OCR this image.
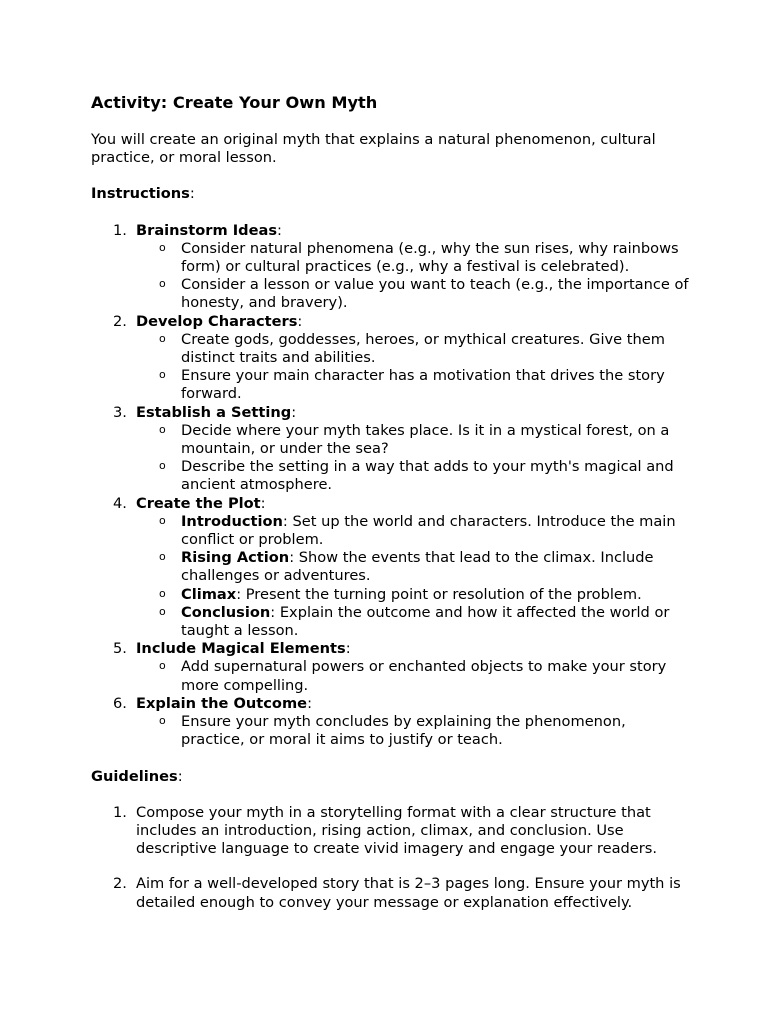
Activity: Create Your Own Myth

You will create an original myth that explains a natural phenomenon, cultural practice, or moral lesson.

Instructions:
1. Brainstorm Ideas:
o Consider natural phenomena (e.g., why the sun rises, why rainbows form) or cultural practices (e.g., why a festival is celebrated).
o Consider a lesson or value you want to teach (e.g., the importance of honesty, and bravery).
2. Develop Characters:
o Create gods, goddesses, heroes, or mythical creatures. Give them distinct traits and abilities.
o Ensure your main character has a motivation that drives the story forward.
3. Establish a Setting:
o Decide where your myth takes place. Is it in a mystical forest, on a mountain, or under the sea?
o Describe the setting in a way that adds to your myth's magical and ancient atmosphere.
4. Create the Plot:
o Introduction: Set up the world and characters. Introduce the main conflict or problem.
o Rising Action: Show the events that lead to the climax. Include challenges or adventures.
o Climax: Present the turning point or resolution of the problem.
o Conclusion: Explain the outcome and how it affected the world or taught a lesson.
5. Include Magical Elements:
o Add supernatural powers or enchanted objects to make your story more compelling.
6. Explain the Outcome:
o Ensure your myth concludes by explaining the phenomenon, practice, or moral it aims to justify or teach.
Guidelines:
1. Compose your myth in a storytelling format with a clear structure that includes an introduction, rising action, climax, and conclusion. Use descriptive language to create vivid imagery and engage your readers.
2. Aim for a well-developed story that is 2–3 pages long. Ensure your myth is detailed enough to convey your message or explanation effectively.
